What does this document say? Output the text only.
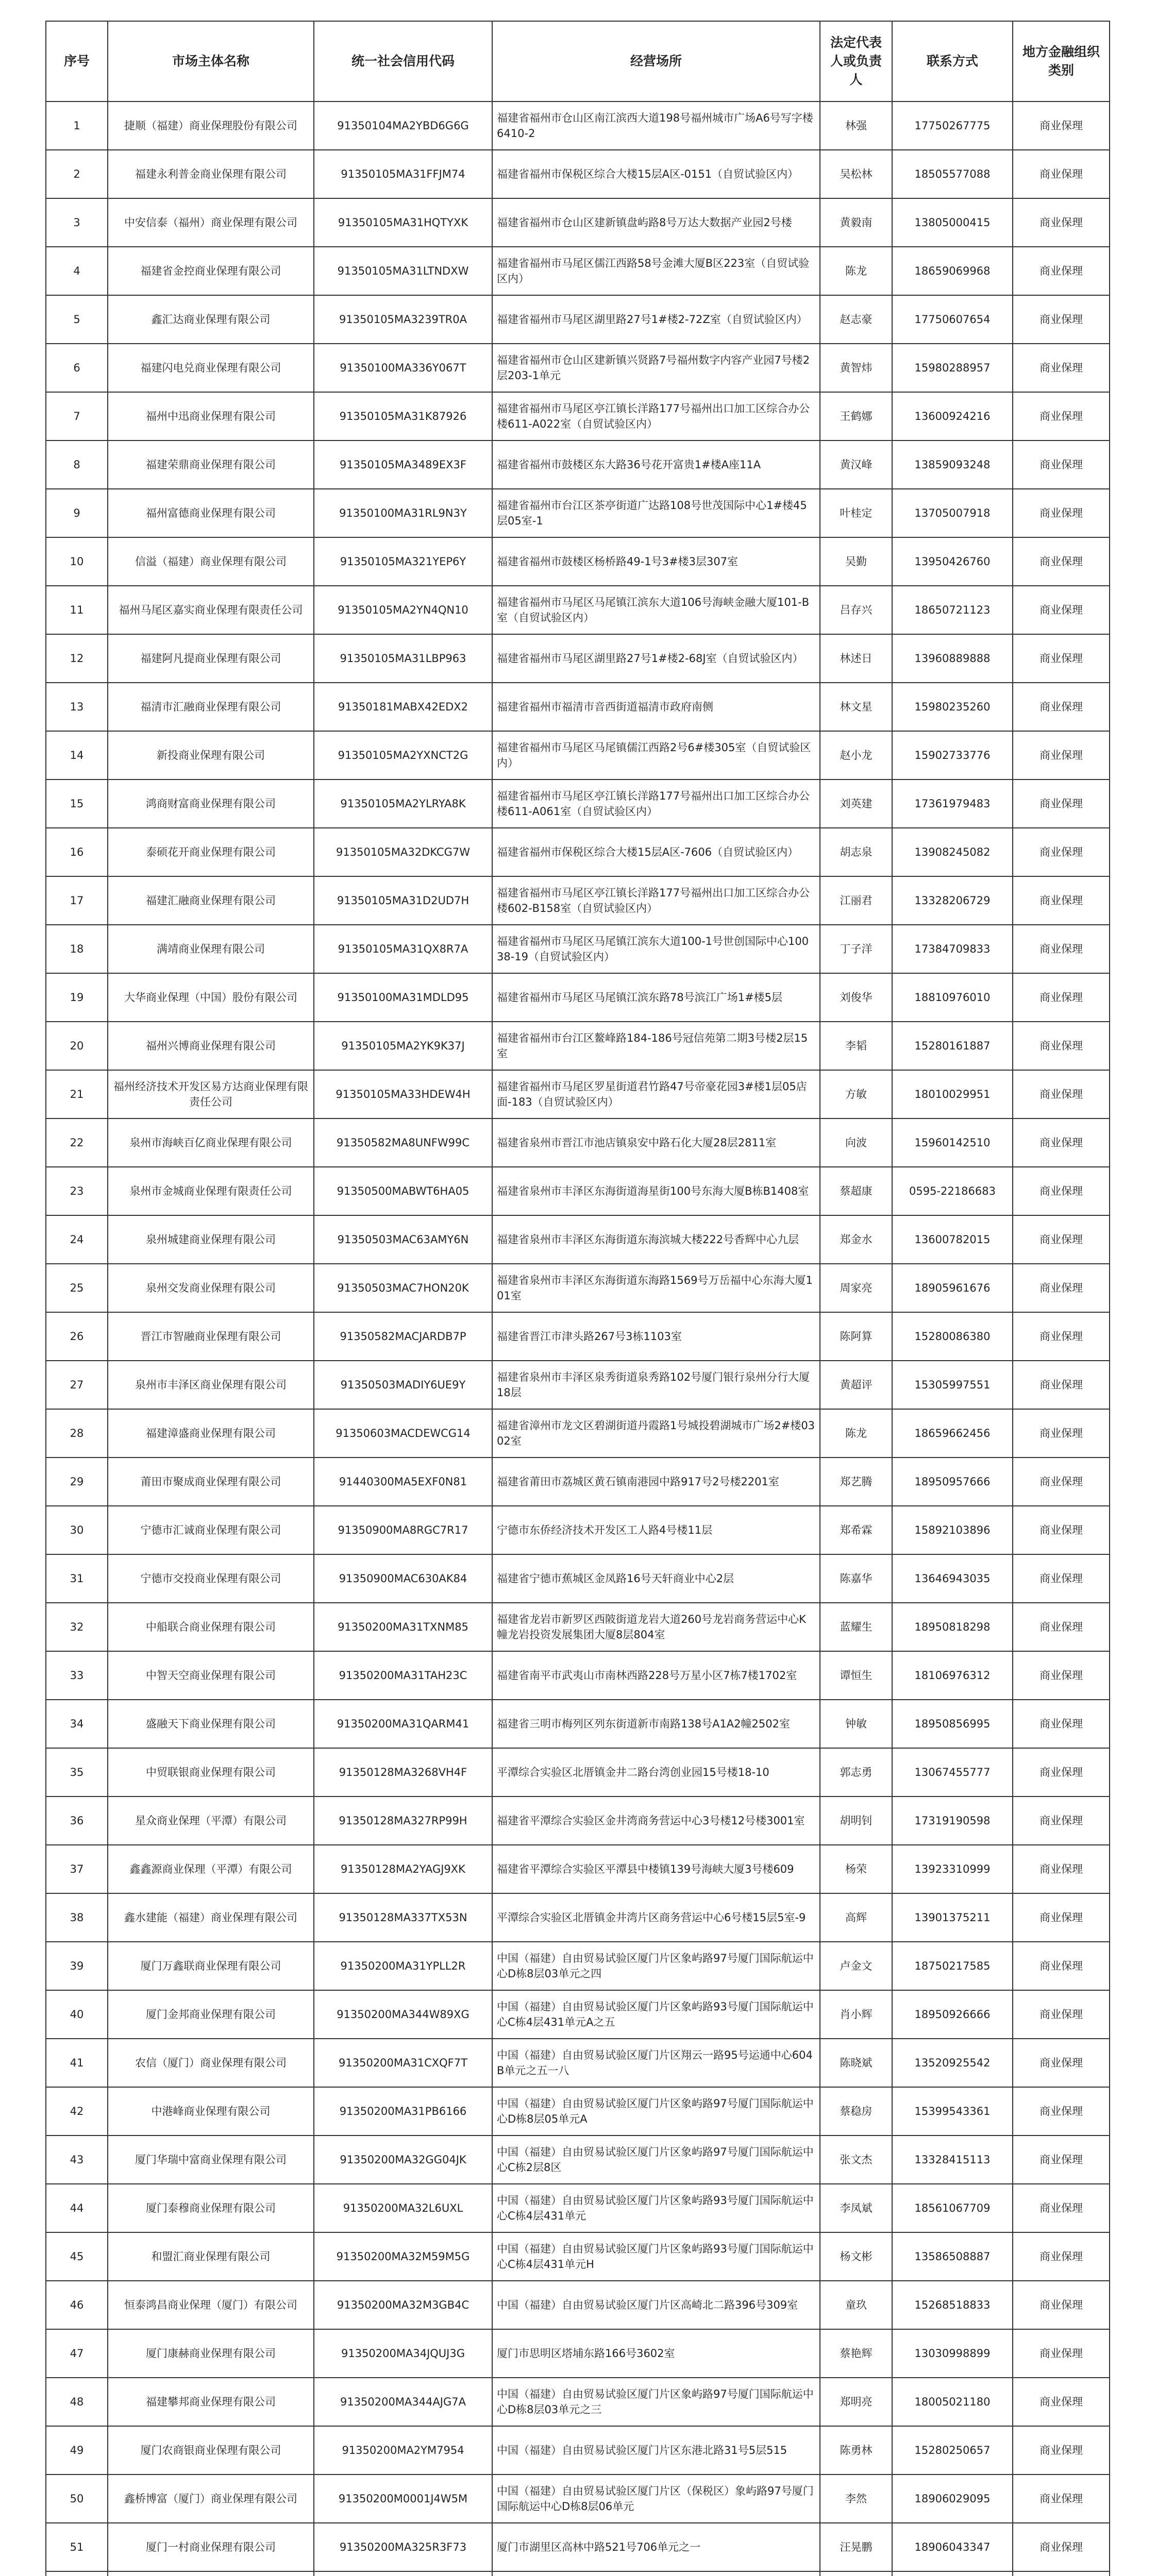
序号	市场主体名称	统一社会信用代码	经营场所	法定代表人或负责人	联系方式	地方金融组织类别
1	捷顺（福建）商业保理股份有限公司	91350104MA2YBD6G6G	福建省福州市仓山区南江滨西大道198号福州城市广场A6号写字楼6410-2	林强	17750267775	商业保理
2	福建永利普金商业保理有限公司	91350105MA31FFJM74	福建省福州市保税区综合大楼15层A区-0151（自贸试验区内）	吴松林	18505577088	商业保理
3	中安信泰（福州）商业保理有限公司	91350105MA31HQTYXK	福建省福州市仓山区建新镇盘屿路8号万达大数据产业园2号楼	黄毅南	13805000415	商业保理
4	福建省金控商业保理有限公司	91350105MA31LTNDXW	福建省福州市马尾区儒江西路58号金滩大厦B区223室（自贸试验区内）	陈龙	18659069968	商业保理
5	鑫汇达商业保理有限公司	91350105MA3239TR0A	福建省福州市马尾区湖里路27号1#楼2-72Z室（自贸试验区内）	赵志豪	17750607654	商业保理
6	福建闪电兑商业保理有限公司	91350100MA336Y067T	福建省福州市仓山区建新镇兴贤路7号福州数字内容产业园7号楼2层203-1单元	黄智炜	15980288957	商业保理
7	福州中迅商业保理有限公司	91350105MA31K87926	福建省福州市马尾区亭江镇长洋路177号福州出口加工区综合办公楼611-A022室（自贸试验区内）	王鹤娜	13600924216	商业保理
8	福建荣鼎商业保理有限公司	91350105MA3489EX3F	福建省福州市鼓楼区东大路36号花开富贵1#楼A座11A	黄汉峰	13859093248	商业保理
9	福州富德商业保理有限公司	91350100MA31RL9N3Y	福建省福州市台江区茶亭街道广达路108号世茂国际中心1#楼45层05室-1	叶桂定	13705007918	商业保理
10	信溢（福建）商业保理有限公司	91350105MA321YEP6Y	福建省福州市鼓楼区杨桥路49-1号3#楼3层307室	吴勤	13950426760	商业保理
11	福州马尾区嘉实商业保理有限责任公司	91350105MA2YN4QN10	福建省福州市马尾区马尾镇江滨东大道106号海峡金融大厦101-B室（自贸试验区内）	吕存兴	18650721123	商业保理
12	福建阿凡提商业保理有限公司	91350105MA31LBP963	福建省福州市马尾区湖里路27号1#楼2-68J室（自贸试验区内）	林述日	13960889888	商业保理
13	福清市汇融商业保理有限公司	91350181MABX42EDX2	福建省福州市福清市音西街道福清市政府南侧	林文星	15980235260	商业保理
14	新投商业保理有限公司	91350105MA2YXNCT2G	福建省福州市马尾区马尾镇儒江西路2号6#楼305室（自贸试验区内）	赵小龙	15902733776	商业保理
15	鸿商财富商业保理有限公司	91350105MA2YLRYA8K	福建省福州市马尾区亭江镇长洋路177号福州出口加工区综合办公楼611-A061室（自贸试验区内）	刘英建	17361979483	商业保理
16	泰硕花开商业保理有限公司	91350105MA32DKCG7W	福建省福州市保税区综合大楼15层A区-7606（自贸试验区内）	胡志泉	13908245082	商业保理
17	福建汇融商业保理有限公司	91350105MA31D2UD7H	福建省福州市马尾区亭江镇长洋路177号福州出口加工区综合办公楼602-B158室（自贸试验区内）	江丽君	13328206729	商业保理
18	满靖商业保理有限公司	91350105MA31QX8R7A	福建省福州市马尾区马尾镇江滨东大道100-1号世创国际中心10038-19（自贸试验区内）	丁子洋	17384709833	商业保理
19	大华商业保理（中国）股份有限公司	91350100MA31MDLD95	福建省福州市马尾区马尾镇江滨东路78号滨江广场1#楼5层	刘俊华	18810976010	商业保理
20	福州兴博商业保理有限公司	91350105MA2YK9K37J	福建省福州市台江区鳌峰路184-186号冠信苑第二期3号楼2层15室	李韬	15280161887	商业保理
21	福州经济技术开发区易方达商业保理有限责任公司	91350105MA33HDEW4H	福建省福州市马尾区罗星街道君竹路47号帝豪花园3#楼1层05店面-183（自贸试验区内）	方敏	18010029951	商业保理
22	泉州市海峡百亿商业保理有限公司	91350582MA8UNFW99C	福建省泉州市晋江市池店镇泉安中路石化大厦28层2811室	向波	15960142510	商业保理
23	泉州市金城商业保理有限责任公司	91350500MABWT6HA05	福建省泉州市丰泽区东海街道海星街100号东海大厦B栋B1408室	蔡超康	0595-22186683	商业保理
24	泉州城建商业保理有限公司	91350503MAC63AMY6N	福建省泉州市丰泽区东海街道东海滨城大楼222号香辉中心九层	郑金水	13600782015	商业保理
25	泉州交发商业保理有限公司	91350503MAC7HON20K	福建省泉州市丰泽区东海街道东海路1569号万岳福中心东海大厦101室	周家亮	18905961676	商业保理
26	晋江市智融商业保理有限公司	91350582MACJARDB7P	福建省晋江市津头路267号3栋1103室	陈阿算	15280086380	商业保理
27	泉州市丰泽区商业保理有限公司	91350503MADIY6UE9Y	福建省泉州市丰泽区泉秀街道泉秀路102号厦门银行泉州分行大厦18层	黄超评	15305997551	商业保理
28	福建漳盛商业保理有限公司	91350603MACDEWCG14	福建省漳州市龙文区碧湖街道丹霞路1号城投碧湖城市广场2#楼0302室	陈龙	18659662456	商业保理
29	莆田市聚成商业保理有限公司	91440300MA5EXF0N81	福建省莆田市荔城区黄石镇南港园中路917号2号楼2201室	郑艺腾	18950957666	商业保理
30	宁德市汇诚商业保理有限公司	91350900MA8RGC7R17	宁德市东侨经济技术开发区工人路4号楼11层	郑希霖	15892103896	商业保理
31	宁德市交投商业保理有限公司	91350900MAC630AK84	福建省宁德市蕉城区金凤路16号天轩商业中心2层	陈嘉华	13646943035	商业保理
32	中船联合商业保理有限公司	91350200MA31TXNM85	福建省龙岩市新罗区西陂街道龙岩大道260号龙岩商务营运中心K幢龙岩投资发展集团大厦8层804室	蓝耀生	18950818298	商业保理
33	中智天空商业保理有限公司	91350200MA31TAH23C	福建省南平市武夷山市南林西路228号万星小区7栋7楼1702室	谭恒生	18106976312	商业保理
34	盛融天下商业保理有限公司	91350200MA31QARM41	福建省三明市梅列区列东街道新市南路138号A1A2幢2502室	钟敏	18950856995	商业保理
35	中贸联银商业保理有限公司	91350128MA3268VH4F	平潭综合实验区北厝镇金井二路台湾创业园15号楼18-10	郭志勇	13067455777	商业保理
36	星众商业保理（平潭）有限公司	91350128MA327RP99H	福建省平潭综合实验区金井湾商务营运中心3号楼12号楼3001室	胡明钊	17319190598	商业保理
37	鑫鑫源商业保理（平潭）有限公司	91350128MA2YAGJ9XK	福建省平潭综合实验区平潭县中楼镇139号海峡大厦3号楼609	杨荣	13923310999	商业保理
38	鑫水建能（福建）商业保理有限公司	91350128MA337TX53N	平潭综合实验区北厝镇金井湾片区商务营运中心6号楼15层5室-9	高辉	13901375211	商业保理
39	厦门万鑫联商业保理有限公司	91350200MA31YPLL2R	中国（福建）自由贸易试验区厦门片区象屿路97号厦门国际航运中心D栋8层03单元之四	卢金文	18750217585	商业保理
40	厦门金邦商业保理有限公司	91350200MA344W89XG	中国（福建）自由贸易试验区厦门片区象屿路93号厦门国际航运中心C栋4层431单元A之五	肖小辉	18950926666	商业保理
41	农信（厦门）商业保理有限公司	91350200MA31CXQF7T	中国（福建）自由贸易试验区厦门片区翔云一路95号运通中心604B单元之五一八	陈晓斌	13520925542	商业保理
42	中港峰商业保理有限公司	91350200MA31PB6166	中国（福建）自由贸易试验区厦门片区象屿路97号厦门国际航运中心D栋8层05单元A	蔡稳房	15399543361	商业保理
43	厦门华瑞中富商业保理有限公司	91350200MA32GG04JK	中国（福建）自由贸易试验区厦门片区象屿路97号厦门国际航运中心C栋2层8区	张文杰	13328415113	商业保理
44	厦门泰穆商业保理有限公司	91350200MA32L6UXL	中国（福建）自由贸易试验区厦门片区象屿路93号厦门国际航运中心C栋4层431单元	李凤斌	18561067709	商业保理
45	和盟汇商业保理有限公司	91350200MA32M59M5G	中国（福建）自由贸易试验区厦门片区象屿路93号厦门国际航运中心C栋4层431单元H	杨文彬	13586508887	商业保理
46	恒泰鸿昌商业保理（厦门）有限公司	91350200MA32M3GB4C	中国（福建）自由贸易试验区厦门片区高崎北二路396号309室	童玖	15268518833	商业保理
47	厦门康赫商业保理有限公司	91350200MA34JQUJ3G	厦门市思明区塔埔东路166号3602室	蔡艳辉	13030998899	商业保理
48	福建攀邦商业保理有限公司	91350200MA344AJG7A	中国（福建）自由贸易试验区厦门片区象屿路97号厦门国际航运中心D栋8层03单元之三	郑明亮	18005021180	商业保理
49	厦门农商银商业保理有限公司	91350200MA2YM7954	中国（福建）自由贸易试验区厦门片区东港北路31号5层515	陈勇林	15280250657	商业保理
50	鑫桥博富（厦门）商业保理有限公司	91350200M0001J4W5M	中国（福建）自由贸易试验区厦门片区（保税区）象屿路97号厦门国际航运中心D栋8层06单元	李然	18906029095	商业保理
51	厦门一村商业保理有限公司	91350200MA325R3F73	厦门市湖里区高林中路521号706单元之一	汪晃鹏	18906043347	商业保理
